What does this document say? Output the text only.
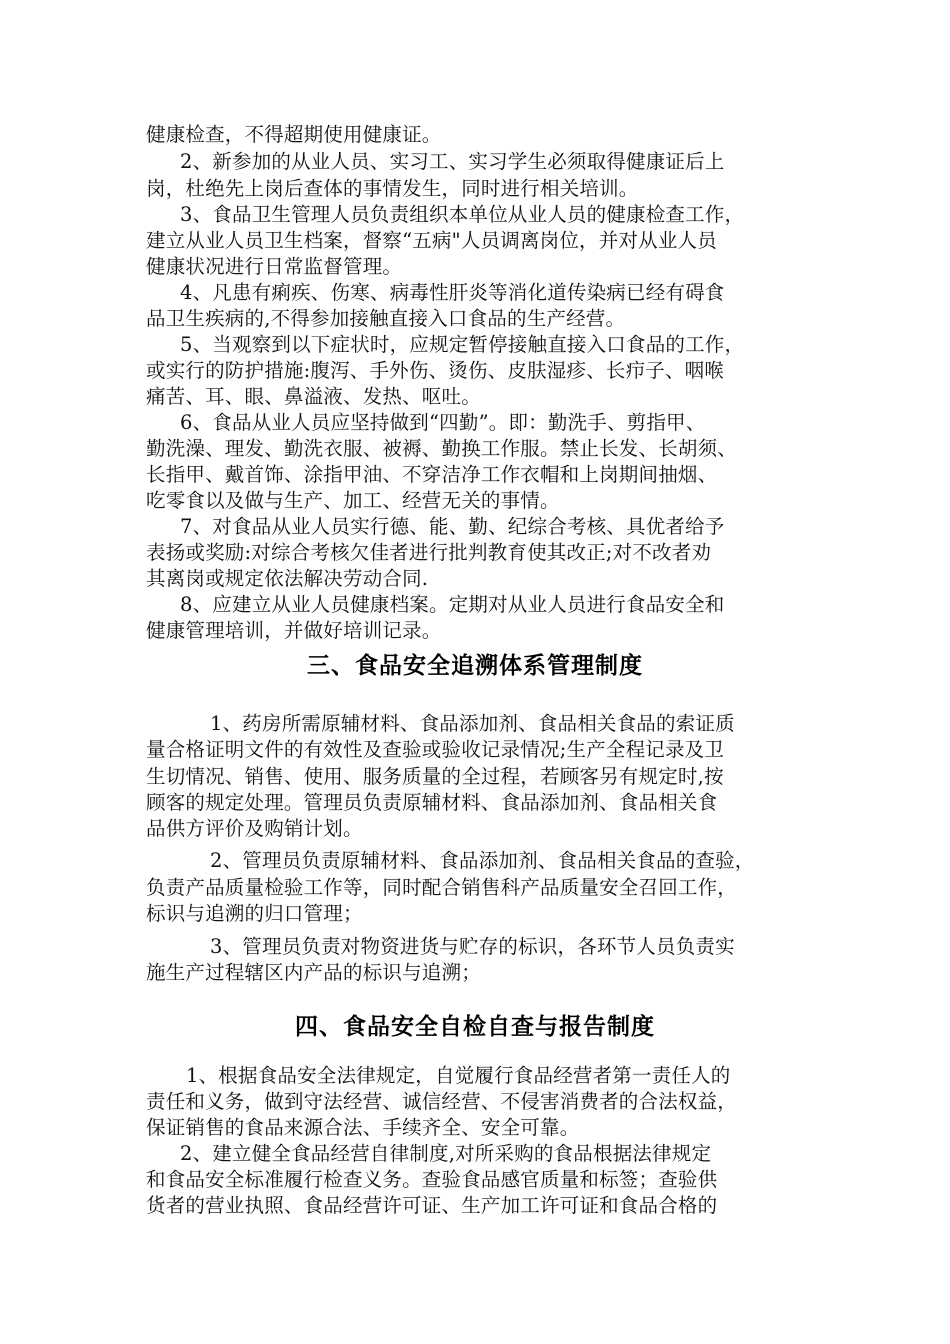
健康检查，不得超期使用健康证。
2、新参加的从业人员、实习工、实习学生必须取得健康证后上
岗，杜绝先上岗后查体的事情发生，同时进行相关培训。
3、食品卫生管理人员负责组织本单位从业人员的健康检查工作，
建立从业人员卫生档案，督察“五病"人员调离岗位，并对从业人员
健康状况进行日常监督管理。
4、凡患有痢疾、伤寒、病毒性肝炎等消化道传染病已经有碍食
品卫生疾病的,不得参加接触直接入口食品的生产经营。
5、当观察到以下症状时，应规定暂停接触直接入口食品的工作，
或实行的防护措施:腹泻、手外伤、烫伤、皮肤湿疹、长疖子、咽喉
痛苦、耳、眼、鼻溢液、发热、呕吐。
6、食品从业人员应坚持做到“四勤”。即：勤洗手、剪指甲、
勤洗澡、理发、勤洗衣服、被褥、勤换工作服。禁止长发、长胡须、
长指甲、戴首饰、涂指甲油、不穿洁净工作衣帽和上岗期间抽烟、
吃零食以及做与生产、加工、经营无关的事情。
7、对食品从业人员实行德、能、勤、纪综合考核、具优者给予
表扬或奖励:对综合考核欠佳者进行批判教育使其改正;对不改者劝
其离岗或规定依法解决劳动合同.
8、应建立从业人员健康档案。定期对从业人员进行食品安全和
健康管理培训，并做好培训记录。
三、食品安全追溯体系管理制度
1、药房所需原辅材料、食品添加剂、食品相关食品的索证质
量合格证明文件的有效性及查验或验收记录情况;生产全程记录及卫
生切情况、销售、使用、服务质量的全过程，若顾客另有规定时,按
顾客的规定处理。管理员负责原辅材料、食品添加剂、食品相关食
品供方评价及购销计划。
2、管理员负责原辅材料、食品添加剂、食品相关食品的查验，
负责产品质量检验工作等，同时配合销售科产品质量安全召回工作，
标识与追溯的归口管理；
3、管理员负责对物资进货与贮存的标识，各环节人员负责实
施生产过程辖区内产品的标识与追溯；
四、食品安全自检自查与报告制度
1、根据食品安全法律规定，自觉履行食品经营者第一责任人的
责任和义务，做到守法经营、诚信经营、不侵害消费者的合法权益，
保证销售的食品来源合法、手续齐全、安全可靠。
2、建立健全食品经营自律制度,对所采购的食品根据法律规定
和食品安全标准履行检查义务。查验食品感官质量和标签；查验供
货者的营业执照、食品经营许可证、生产加工许可证和食品合格的
